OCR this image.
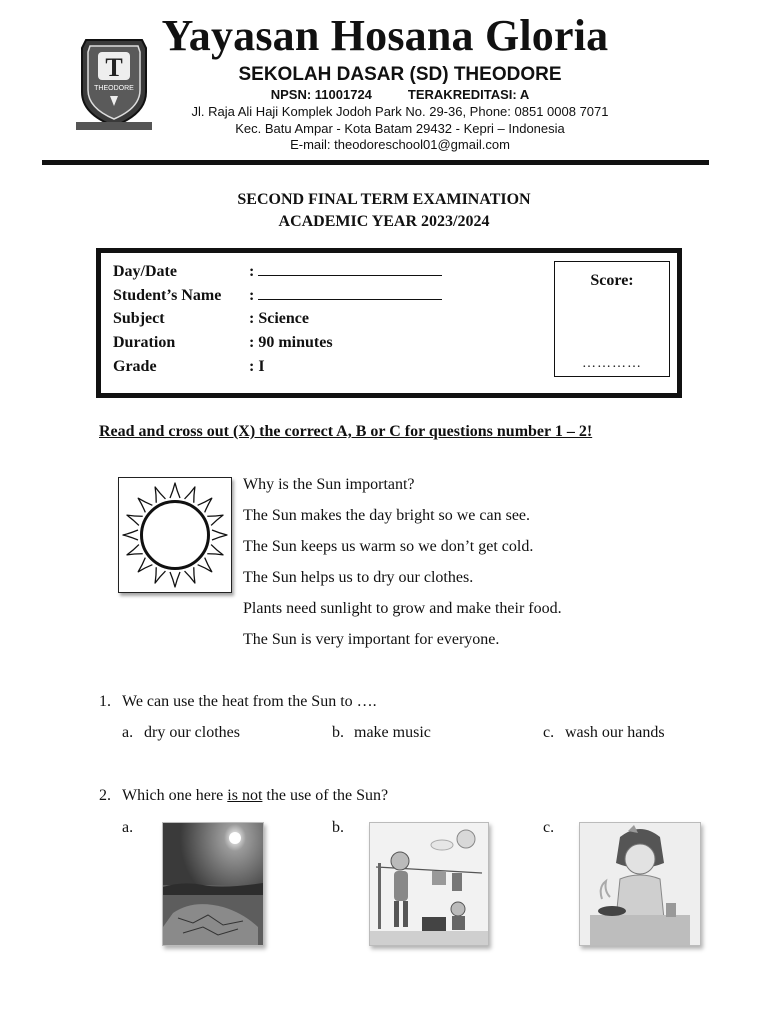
T
THEODORE
Yayasan Hosana Gloria
SEKOLAH DASAR (SD) THEODORE
NPSN: 11001724	TERAKREDITASI: A
Jl. Raja Ali Haji Komplek Jodoh Park No. 29-36, Phone: 0851 0008 7071
Kec. Batu Ampar - Kota Batam 29432 - Kepri – Indonesia
E-mail: theodoreschool01@gmail.com
SECOND FINAL TERM EXAMINATION
ACADEMIC YEAR 2023/2024
Day/Date	:
Student’s Name :
Subject	: Science
Duration	: 90 minutes
Grade	: I
Score:
…………
Read and cross out (X) the correct A, B or C for questions number 1 – 2!
Why is the Sun important?
The Sun makes the day bright so we can see.
The Sun keeps us warm so we don’t get cold.
The Sun helps us to dry our clothes.
Plants need sunlight to grow and make their food.
The Sun is very important for everyone.
1. We can use the heat from the Sun to ….
a. dry our clothes	b. make music	c. wash our hands
2. Which one here is not the use of the Sun?
a.	b.	c.
